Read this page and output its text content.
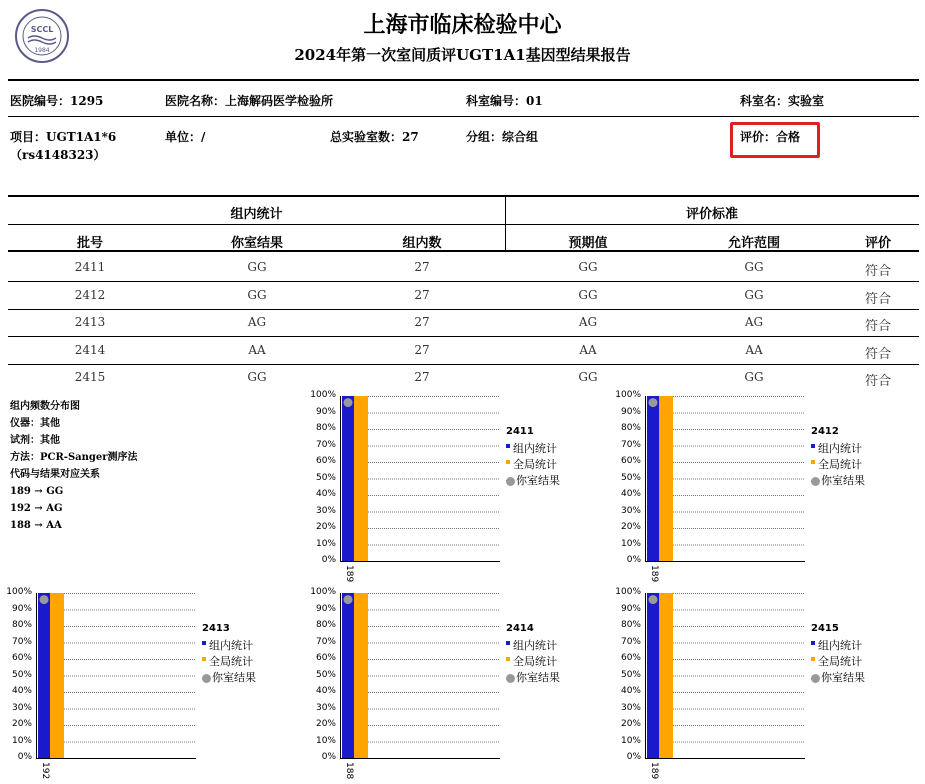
SCCL
1984
上海市临床检验中心
2024年第一次室间质评UGT1A1基因型结果报告
医院编号：1295	医院名称：上海解码医学检验所	科室编号：01	科室名：实验室
项目：UGT1A1*6（rs4148323）
单位：/	总实验室数：27	分组：综合组	评价：合格
组内统计	评价标准
批号	你室结果	组内数	预期值	允许范围	评价
2411	GG	27	GG	GG	符合
2412	GG	27	GG	GG	符合
2413	AG	27	AG	AG	符合
2414	AA	27	AA	AA	符合
2415	GG	27	GG	GG	符合
组内频数分布图
仪器：其他
试剂：其他
方法：PCR-Sanger测序法
代码与结果对应关系
189 → GG
192 → AG
188 → AA
0%
10%
20%
30%
40%
50%
60%
70%
80%
90%
100%
189
2411
组内统计
全局统计
你室结果
0%
10%
20%
30%
40%
50%
60%
70%
80%
90%
100%
189
2412
组内统计
全局统计
你室结果
0%
10%
20%
30%
40%
50%
60%
70%
80%
90%
100%
192
2413
组内统计
全局统计
你室结果
0%
10%
20%
30%
40%
50%
60%
70%
80%
90%
100%
188
2414
组内统计
全局统计
你室结果
0%
10%
20%
30%
40%
50%
60%
70%
80%
90%
100%
189
2415
组内统计
全局统计
你室结果
